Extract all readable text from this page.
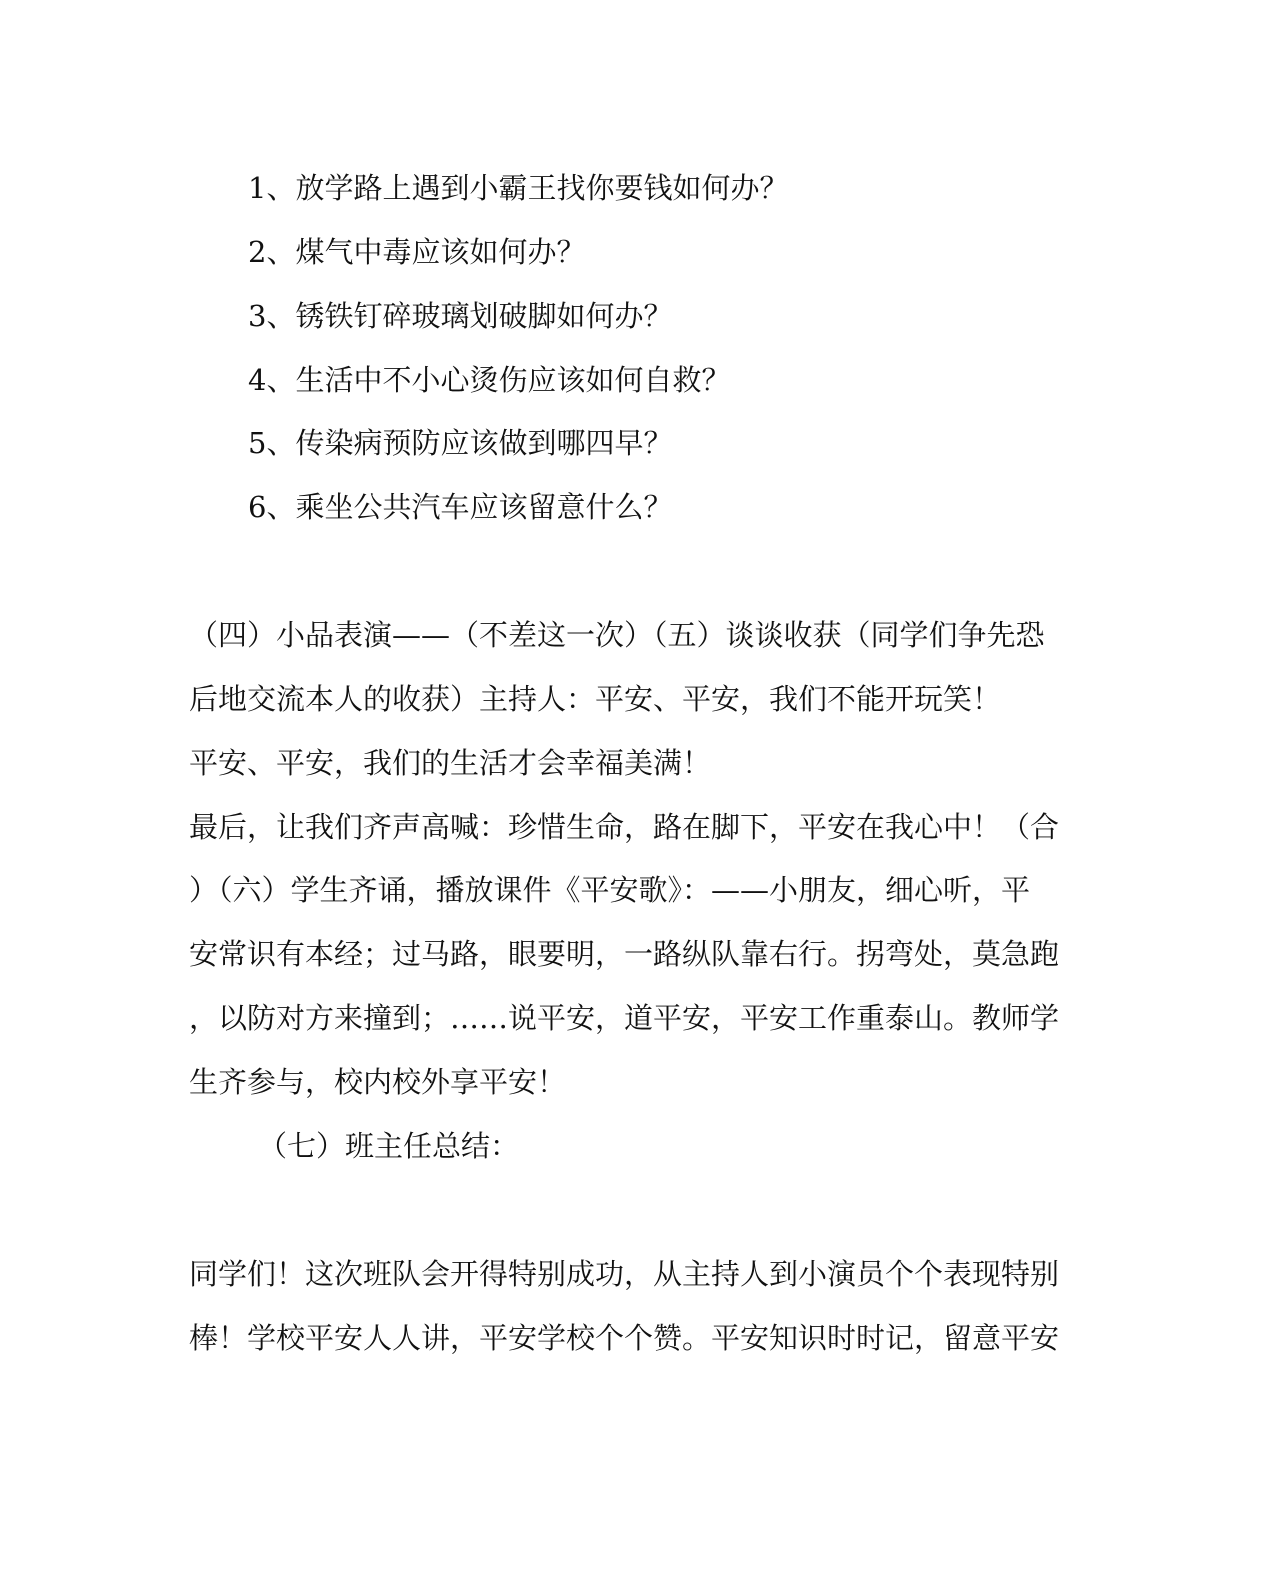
1、放学路上遇到小霸王找你要钱如何办？
2、煤气中毒应该如何办？
3、锈铁钉碎玻璃划破脚如何办？
4、生活中不小心烫伤应该如何自救？
5、传染病预防应该做到哪四早？
6、乘坐公共汽车应该留意什么？
（四）小品表演——（不差这一次）（五）谈谈收获（同学们争先恐
后地交流本人的收获）主持人：平安、平安，我们不能开玩笑！
平安、平安，我们的生活才会幸福美满！
最后，让我们齐声高喊：珍惜生命，路在脚下，平安在我心中！（合
）（六）学生齐诵，播放课件《平安歌》：——小朋友，细心听，平
安常识有本经；过马路，眼要明，一路纵队靠右行。拐弯处，莫急跑
，以防对方来撞到；……说平安，道平安，平安工作重泰山。教师学
生齐参与，校内校外享平安！
（七）班主任总结：
同学们！这次班队会开得特别成功，从主持人到小演员个个表现特别
棒！学校平安人人讲，平安学校个个赞。平安知识时时记，留意平安
